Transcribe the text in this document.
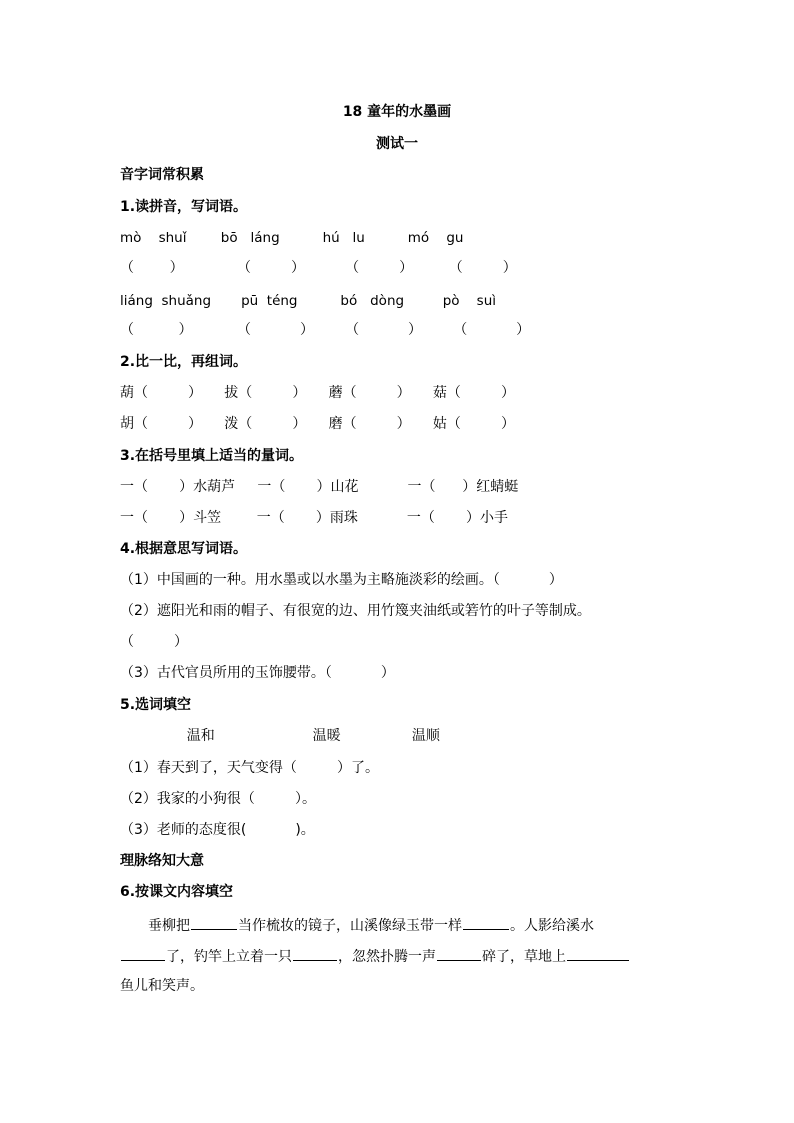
18 童年的水墨画
测试一
音字词常积累
1.读拼音，写词语。
mò    shuǐ        bō   láng          hú   lu          mó    gu
（        ）            （         ）         （         ）        （         ）
liáng  shuǎng       pū  téng          bó   dòng         pò    suì
（          ）          （           ）       （           ）       （           ）
2.比一比，再组词。
葫（         ）     拔（         ）     蘑（         ）     菇（         ）
胡（         ）     泼（         ）     磨（         ）     姑（         ）
3.在括号里填上适当的量词。
一（       ）水葫芦     一（       ）山花           一（      ）红蜻蜓
一（       ）斗笠        一（       ）雨珠           一（       ）小手
4.根据意思写词语。
（1）中国画的一种。用水墨或以水墨为主略施淡彩的绘画。（           ）
（2）遮阳光和雨的帽子、有很宽的边、用竹篾夹油纸或箬竹的叶子等制成。
（         ）
（3）古代官员所用的玉饰腰带。（           ）
5.选词填空
温和                      温暖                温顺
（1）春天到了，天气变得（         ）了。
（2）我家的小狗很（         ）。
（3）老师的态度很(           )。
理脉络知大意
6.按课文内容填空
垂柳把	当作梳妆的镜子，山溪像绿玉带一样	。人影给溪水
了，钓竿上立着一只	，忽然扑腾一声	碎了，草地上
鱼儿和笑声。
